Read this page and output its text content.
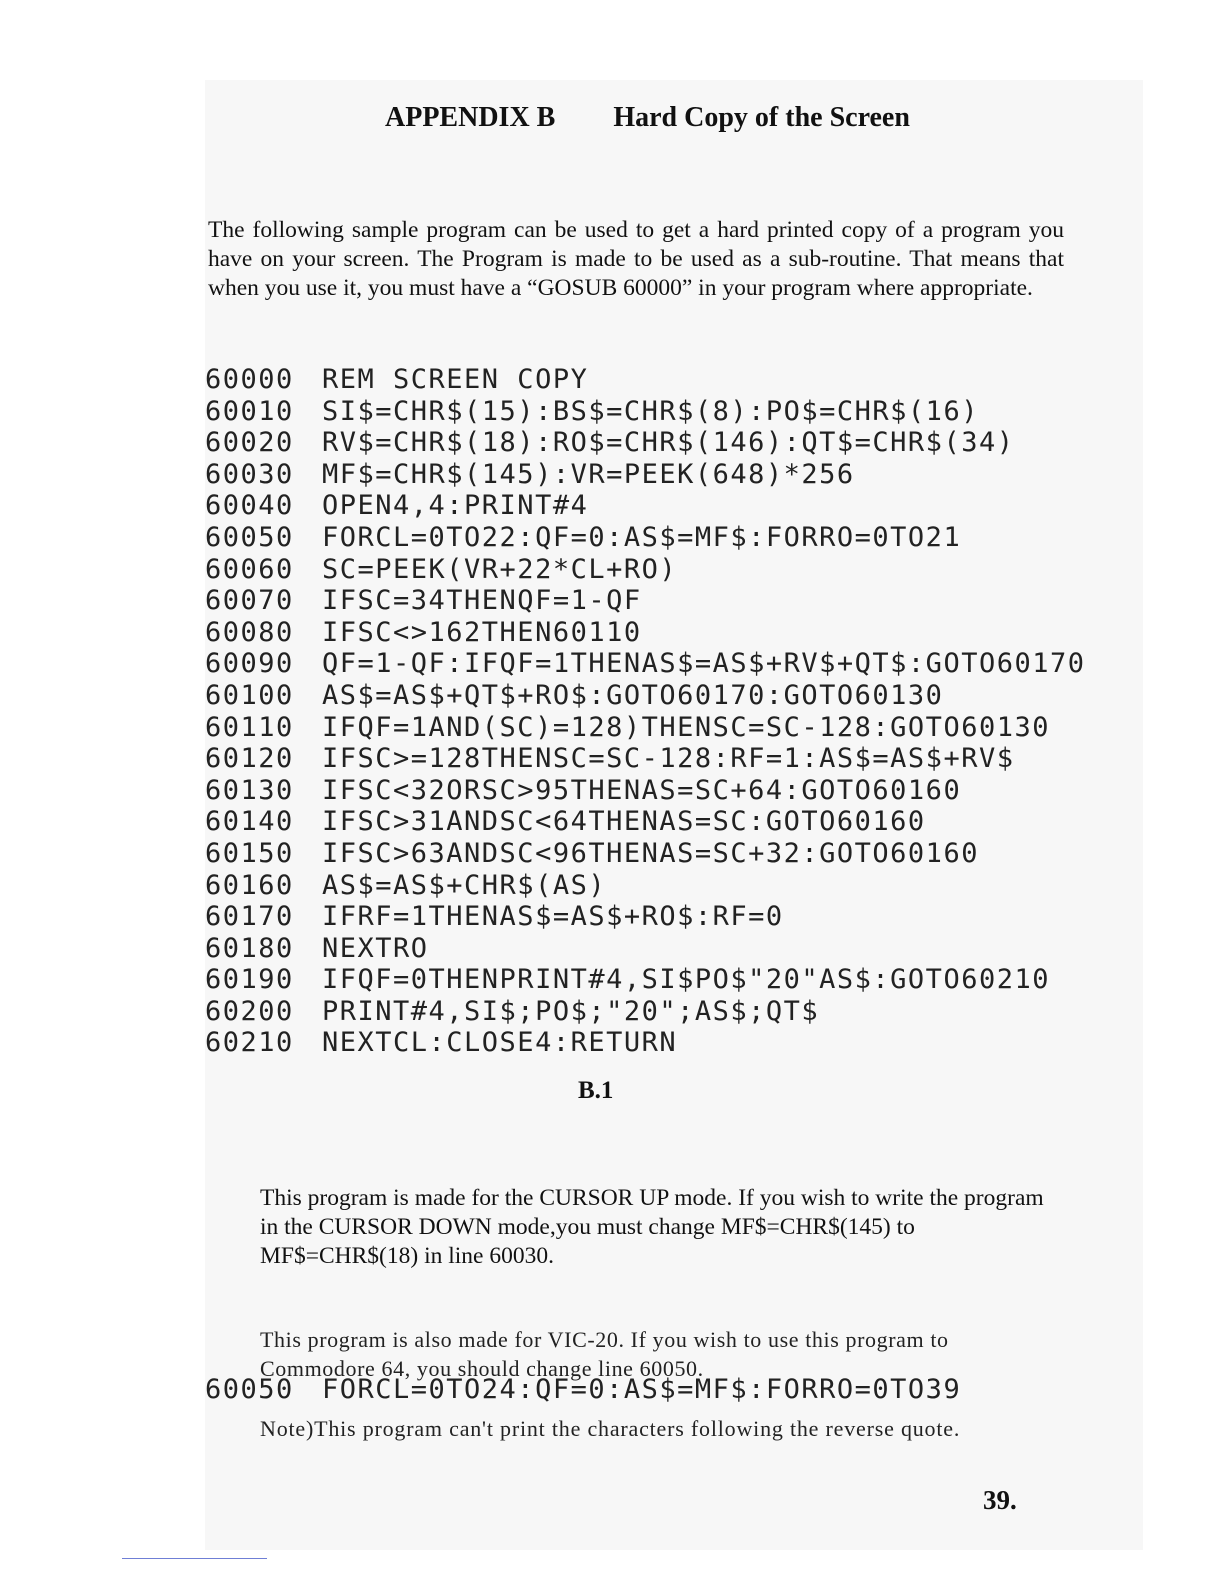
APPENDIX B Hard Copy of the Screen

The following sample program can be used to get a hard printed copy of a program you have on your screen. The Program is made to be used as a sub-routine. That means that when you use it, you must have a “GOSUB 60000” in your program where appropriate.

60000 REM SCREEN COPY
60010 SI$=CHR$(15):BS$=CHR$(8):PO$=CHR$(16)
60020 RV$=CHR$(18):RO$=CHR$(146):QT$=CHR$(34)
60030 MF$=CHR$(145):VR=PEEK(648)*256
60040 OPEN4,4:PRINT#4
60050 FORCL=0TO22:QF=0:AS$=MF$:FORRO=0TO21
60060 SC=PEEK(VR+22*CL+RO)
60070 IFSC=34THENQF=1-QF
60080 IFSC<>162THEN60110
60090 QF=1-QF:IFQF=1THENAS$=AS$+RV$+QT$:GOTO60170
60100 AS$=AS$+QT$+RO$:GOTO60170:GOTO60130
60110 IFQF=1AND(SC)=128)THENSC=SC-128:GOTO60130
60120 IFSC>=128THENSC=SC-128:RF=1:AS$=AS$+RV$
60130 IFSC<32ORSC>95THENAS=SC+64:GOTO60160
60140 IFSC>31ANDSC<64THENAS=SC:GOTO60160
60150 IFSC>63ANDSC<96THENAS=SC+32:GOTO60160
60160 AS$=AS$+CHR$(AS)
60170 IFRF=1THENAS$=AS$+RO$:RF=0
60180 NEXTRO
60190 IFQF=0THENPRINT#4,SI$PO$"20"AS$:GOTO60210
60200 PRINT#4,SI$;PO$;"20";AS$;QT$
60210 NEXTCL:CLOSE4:RETURN
B.1

This program is made for the CURSOR UP mode. If you wish to write the program in the CURSOR DOWN mode,you must change MF$=CHR$(145) to MF$=CHR$(18) in line 60030.

This program is also made for VIC-20. If you wish to use this program to Commodore 64, you should change line 60050.

60050 FORCL=0TO24:QF=0:AS$=MF$:FORRO=0TO39
Note)This program can't print the characters following the reverse quote.
39.
